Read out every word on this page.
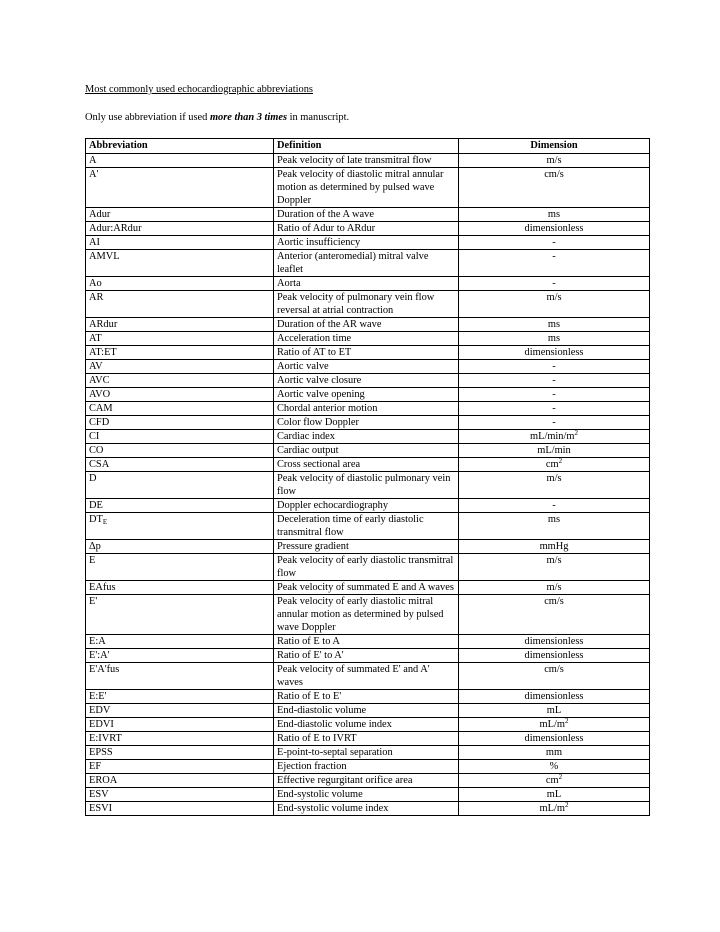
Most commonly used echocardiographic abbreviations
Only use abbreviation if used more than 3 times in manuscript.
Abbreviation	Definition	Dimension
A	Peak velocity of late transmitral flow	m/s
A'	Peak velocity of diastolic mitral annular motion as determined by pulsed wave Doppler	cm/s
Adur	Duration of the A wave	ms
Adur:ARdur	Ratio of Adur to ARdur	dimensionless
AI	Aortic insufficiency	-
AMVL	Anterior (anteromedial) mitral valve leaflet	-
Ao	Aorta	-
AR	Peak velocity of pulmonary vein flow reversal at atrial contraction	m/s
ARdur	Duration of the AR wave	ms
AT	Acceleration time	ms
AT:ET	Ratio of AT to ET	dimensionless
AV	Aortic valve	-
AVC	Aortic valve closure	-
AVO	Aortic valve opening	-
CAM	Chordal anterior motion	-
CFD	Color flow Doppler	-
CI	Cardiac index	$mL/\min/m^2$
CO	Cardiac output	mL/min
CSA	Cross sectional area	$cm^2$
D	Peak velocity of diastolic pulmonary vein flow	m/s
DE	Doppler echocardiography	-
$DT_E$	Deceleration time of early diastolic transmitral flow	ms
Δp	Pressure gradient	mmHg
E	Peak velocity of early diastolic transmitral flow	m/s
EAfus	Peak velocity of summated E and A waves	m/s
E'	Peak velocity of early diastolic mitral annular motion as determined by pulsed wave Doppler	cm/s
E:A	Ratio of E to A	dimensionless
E':A'	Ratio of E' to A'	dimensionless
E'A'fus	Peak velocity of summated E' and A' waves	cm/s
E:E'	Ratio of E to E'	dimensionless
EDV	End-diastolic volume	mL
EDVI	End-diastolic volume index	$mL/m^2$
E:IVRT	Ratio of E to IVRT	dimensionless
EPSS	E-point-to-septal separation	mm
EF	Ejection fraction	%
EROA	Effective regurgitant orifice area	$cm^2$
ESV	End-systolic volume	mL
ESVI	End-systolic volume index	$mL/m^2$
